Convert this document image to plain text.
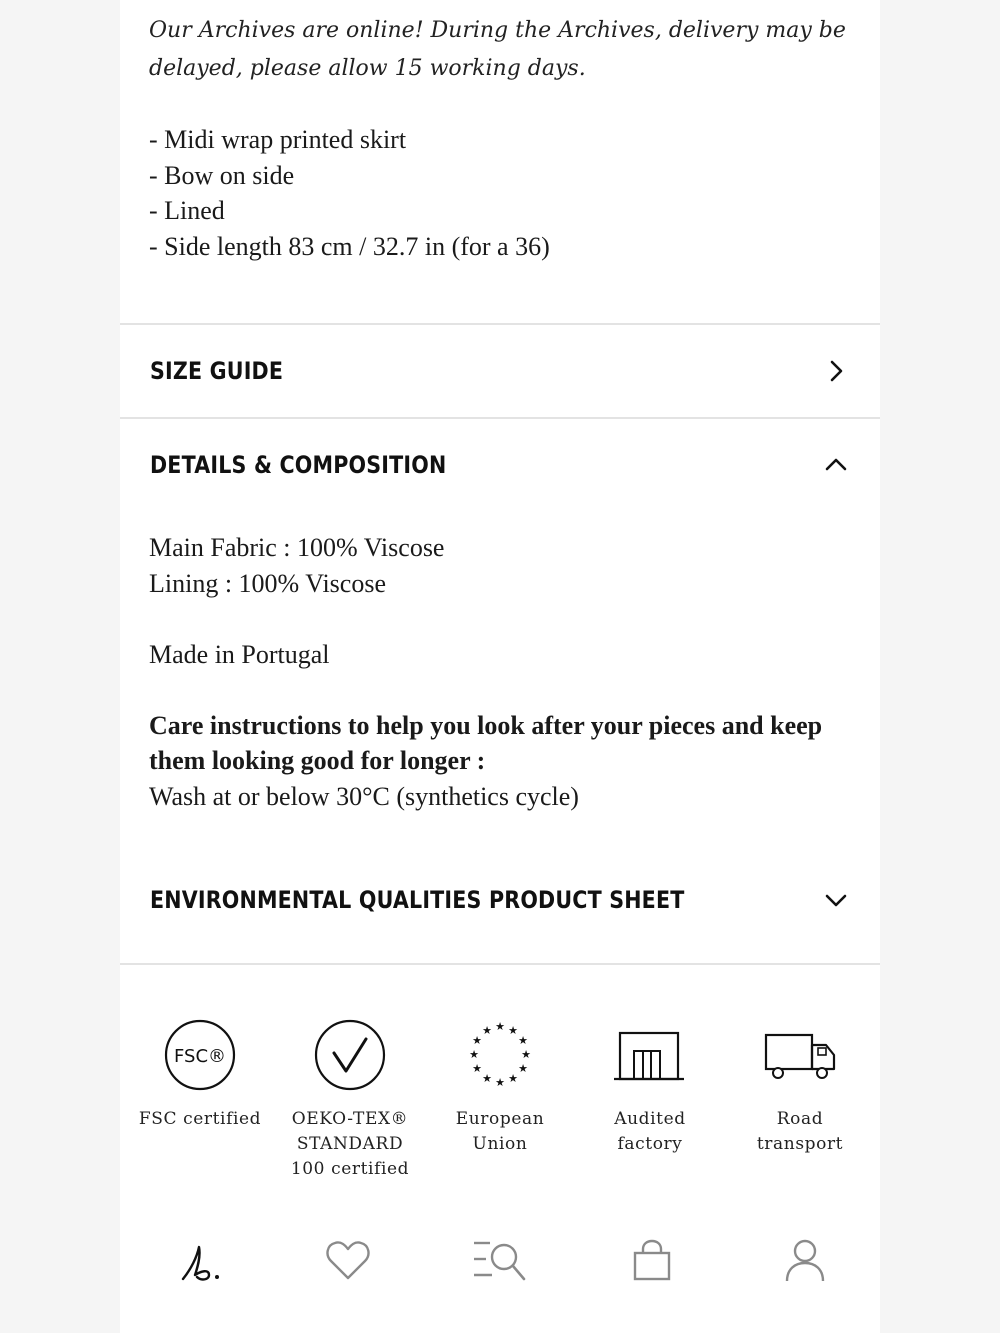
Our Archives are online! During the Archives, delivery may be delayed, please allow 15 working days.
- Midi wrap printed skirt
- Bow on side
- Lined
- Side length 83 cm / 32.7 in (for a 36)
SIZE GUIDE
DETAILS & COMPOSITION
Main Fabric : 100% Viscose
Lining : 100% Viscose
Made in Portugal
Care instructions to help you look after your pieces and keep them looking good for longer :
Wash at or below 30°C (synthetics cycle)
ENVIRONMENTAL QUALITIES PRODUCT SHEET
FSC®
FSC certified	OEKO-TEX® STANDARD 100 certified
★ ★
★
★
★
★
★
★
★
★
★
★
European Union
Audited factory
Road transport
